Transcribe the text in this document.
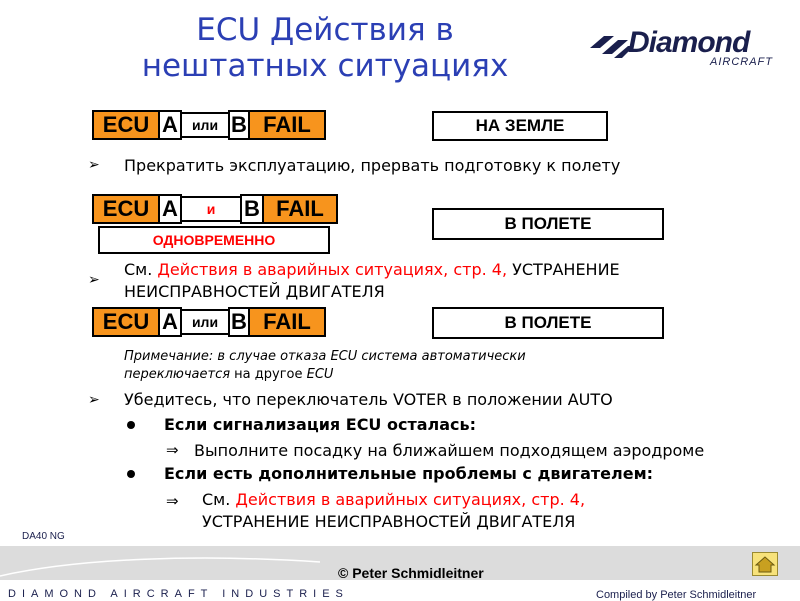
ECU Действия в
нештатных ситуациях
Diamond
AIRCRAFT
ECU A	или B FAIL	НА ЗЕМЛЕ
➢ Прекратить эксплуатацию, прервать подготовку к полету
ECU A	и	B FAIL
ОДНОВРЕМЕННО
В ПОЛЕТЕ
➢
См. Действия в аварийных ситуациях, стр. 4, УСТРАНЕНИЕ
НЕИСПРАВНОСТЕЙ ДВИГАТЕЛЯ
ECU A	или B FAIL	В ПОЛЕТЕ
Примечание: в случае отказа ECU система автоматически
переключается на другое ECU
➢ Убедитесь, что переключатель VOTER в положении AUTO
Если сигнализация ECU осталась:
⇒ Выполните посадку на ближайшем подходящем аэродроме
Если есть дополнительные проблемы с двигателем:
⇒ См. Действия в аварийных ситуациях, стр. 4,
УСТРАНЕНИЕ НЕИСПРАВНОСТЕЙ ДВИГАТЕЛЯ
DA40 NG
DIAMOND AIRCRAFT INDUSTRIES
© Peter Schmidleitner
Compiled by Peter Schmidleitner
